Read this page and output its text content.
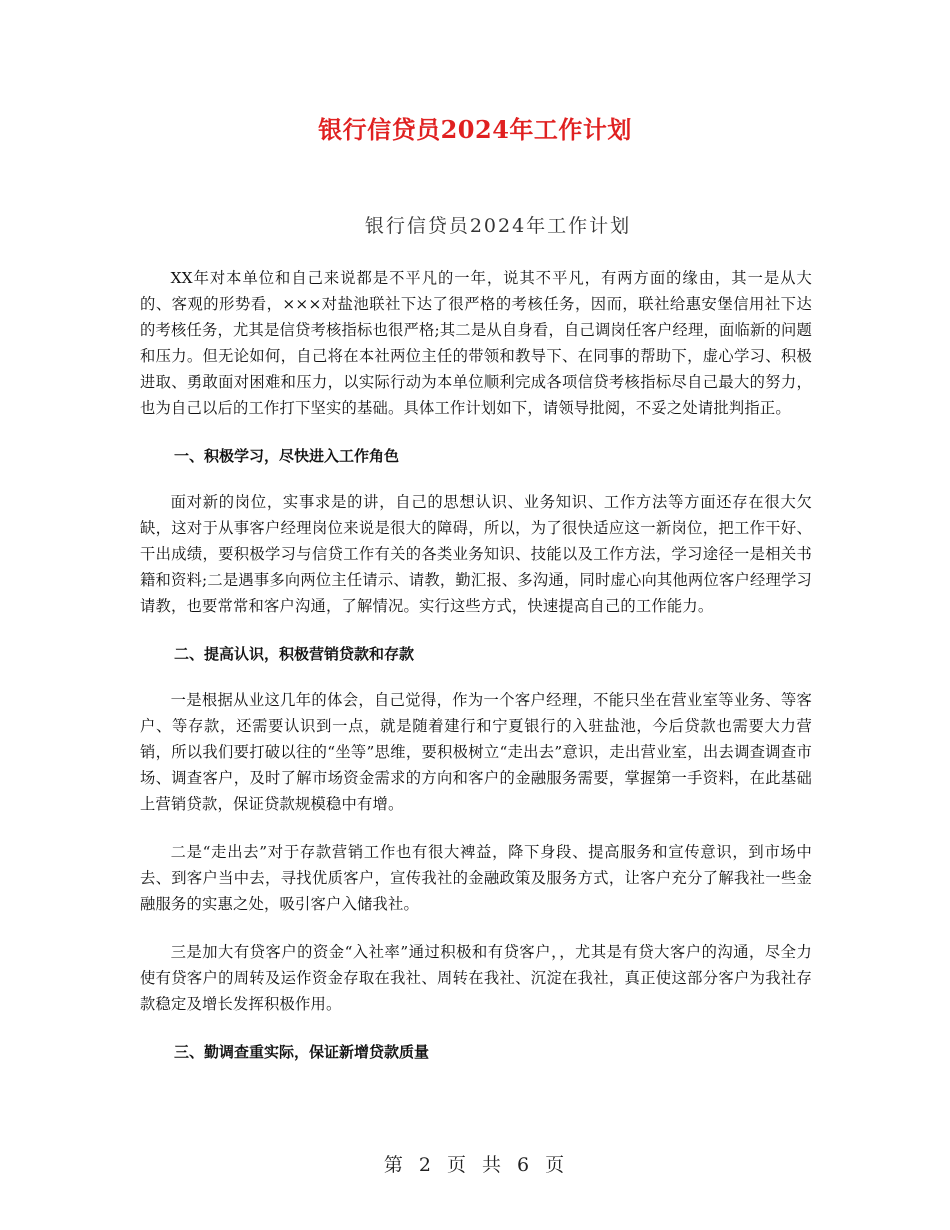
银行信贷员2024年工作计划
银行信贷员2024年工作计划

XX年对本单位和自己来说都是不平凡的一年，说其不平凡，有两方面的缘由，其一是从大的、客观的形势看，×××对盐池联社下达了很严格的考核任务，因而，联社给惠安堡信用社下达的考核任务，尤其是信贷考核指标也很严格;其二是从自身看，自己调岗任客户经理，面临新的问题和压力。但无论如何，自己将在本社两位主任的带领和教导下、在同事的帮助下，虚心学习、积极进取、勇敢面对困难和压力，以实际行动为本单位顺利完成各项信贷考核指标尽自己最大的努力，也为自己以后的工作打下坚实的基础。具体工作计划如下，请领导批阅，不妥之处请批判指正。

一、积极学习，尽快进入工作角色

面对新的岗位，实事求是的讲，自己的思想认识、业务知识、工作方法等方面还存在很大欠缺，这对于从事客户经理岗位来说是很大的障碍，所以，为了很快适应这一新岗位，把工作干好、干出成绩，要积极学习与信贷工作有关的各类业务知识、技能以及工作方法，学习途径一是相关书籍和资料;二是遇事多向两位主任请示、请教，勤汇报、多沟通，同时虚心向其他两位客户经理学习请教，也要常常和客户沟通，了解情况。实行这些方式，快速提高自己的工作能力。

二、提高认识，积极营销贷款和存款

一是根据从业这几年的体会，自己觉得，作为一个客户经理，不能只坐在营业室等业务、等客户、等存款，还需要认识到一点，就是随着建行和宁夏银行的入驻盐池，今后贷款也需要大力营销，所以我们要打破以往的“坐等”思维，要积极树立“走出去”意识，走出营业室，出去调查调查市场、调查客户，及时了解市场资金需求的方向和客户的金融服务需要，掌握第一手资料，在此基础上营销贷款，保证贷款规模稳中有增。

二是“走出去”对于存款营销工作也有很大裨益，降下身段、提高服务和宣传意识，到市场中去、到客户当中去，寻找优质客户，宣传我社的金融政策及服务方式，让客户充分了解我社一些金融服务的实惠之处，吸引客户入储我社。

三是加大有贷客户的资金“入社率”通过积极和有贷客户，，尤其是有贷大客户的沟通，尽全力使有贷客户的周转及运作资金存取在我社、周转在我社、沉淀在我社，真正使这部分客户为我社存款稳定及增长发挥积极作用。

三、勤调查重实际，保证新增贷款质量
第 2 页 共 6 页
